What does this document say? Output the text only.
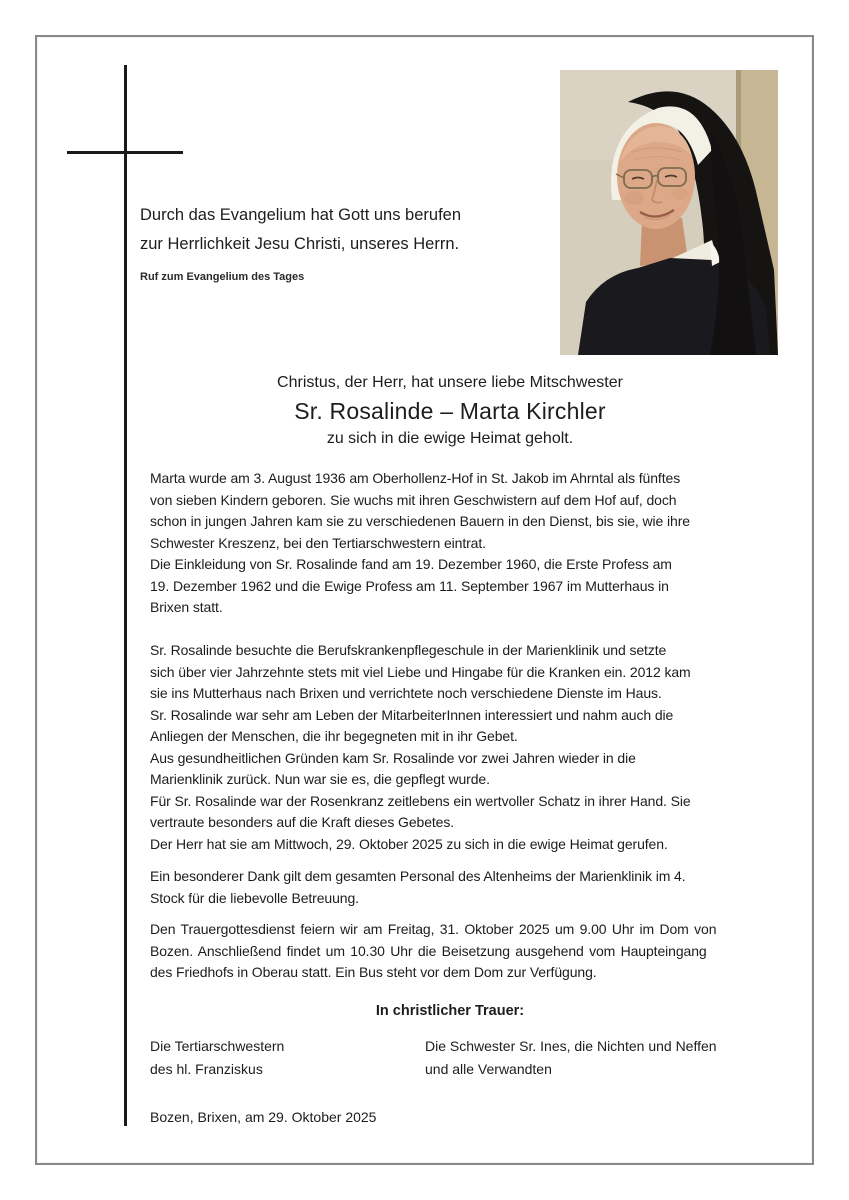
Durch das Evangelium hat Gott uns berufen
zur Herrlichkeit Jesu Christi, unseres Herrn.
Ruf zum Evangelium des Tages
Christus, der Herr, hat unsere liebe Mitschwester
Sr. Rosalinde – Marta Kirchler
zu sich in die ewige Heimat geholt.
Marta wurde am 3. August 1936 am Oberhollenz-Hof in St. Jakob im Ahrntal als fünftes
von sieben Kindern geboren. Sie wuchs mit ihren Geschwistern auf dem Hof auf, doch
schon in jungen Jahren kam sie zu verschiedenen Bauern in den Dienst, bis sie, wie ihre
Schwester Kreszenz, bei den Tertiarschwestern eintrat.
Die Einkleidung von Sr. Rosalinde fand am 19. Dezember 1960, die Erste Profess am
19. Dezember 1962 und die Ewige Profess am 11. September 1967 im Mutterhaus in
Brixen statt.
Sr. Rosalinde besuchte die Berufskrankenpflegeschule in der Marienklinik und setzte
sich über vier Jahrzehnte stets mit viel Liebe und Hingabe für die Kranken ein. 2012 kam
sie ins Mutterhaus nach Brixen und verrichtete noch verschiedene Dienste im Haus.
Sr. Rosalinde war sehr am Leben der MitarbeiterInnen interessiert und nahm auch die
Anliegen der Menschen, die ihr begegneten mit in ihr Gebet.
Aus gesundheitlichen Gründen kam Sr. Rosalinde vor zwei Jahren wieder in die
Marienklinik zurück. Nun war sie es, die gepflegt wurde.
Für Sr. Rosalinde war der Rosenkranz zeitlebens ein wertvoller Schatz in ihrer Hand. Sie
vertraute besonders auf die Kraft dieses Gebetes.
Der Herr hat sie am Mittwoch, 29. Oktober 2025 zu sich in die ewige Heimat gerufen.
Ein besonderer Dank gilt dem gesamten Personal des Altenheims der Marienklinik im 4.
Stock für die liebevolle Betreuung.
Den Trauergottesdienst feiern wir am Freitag, 31. Oktober 2025 um 9.00 Uhr im Dom von
Bozen. Anschließend findet um 10.30 Uhr die Beisetzung ausgehend vom Haupteingang
des Friedhofs in Oberau statt. Ein Bus steht vor dem Dom zur Verfügung.
In christlicher Trauer:
Die Tertiarschwestern
des hl. Franziskus
Die Schwester Sr. Ines, die Nichten und Neffen
und alle Verwandten
Bozen, Brixen, am 29. Oktober 2025
